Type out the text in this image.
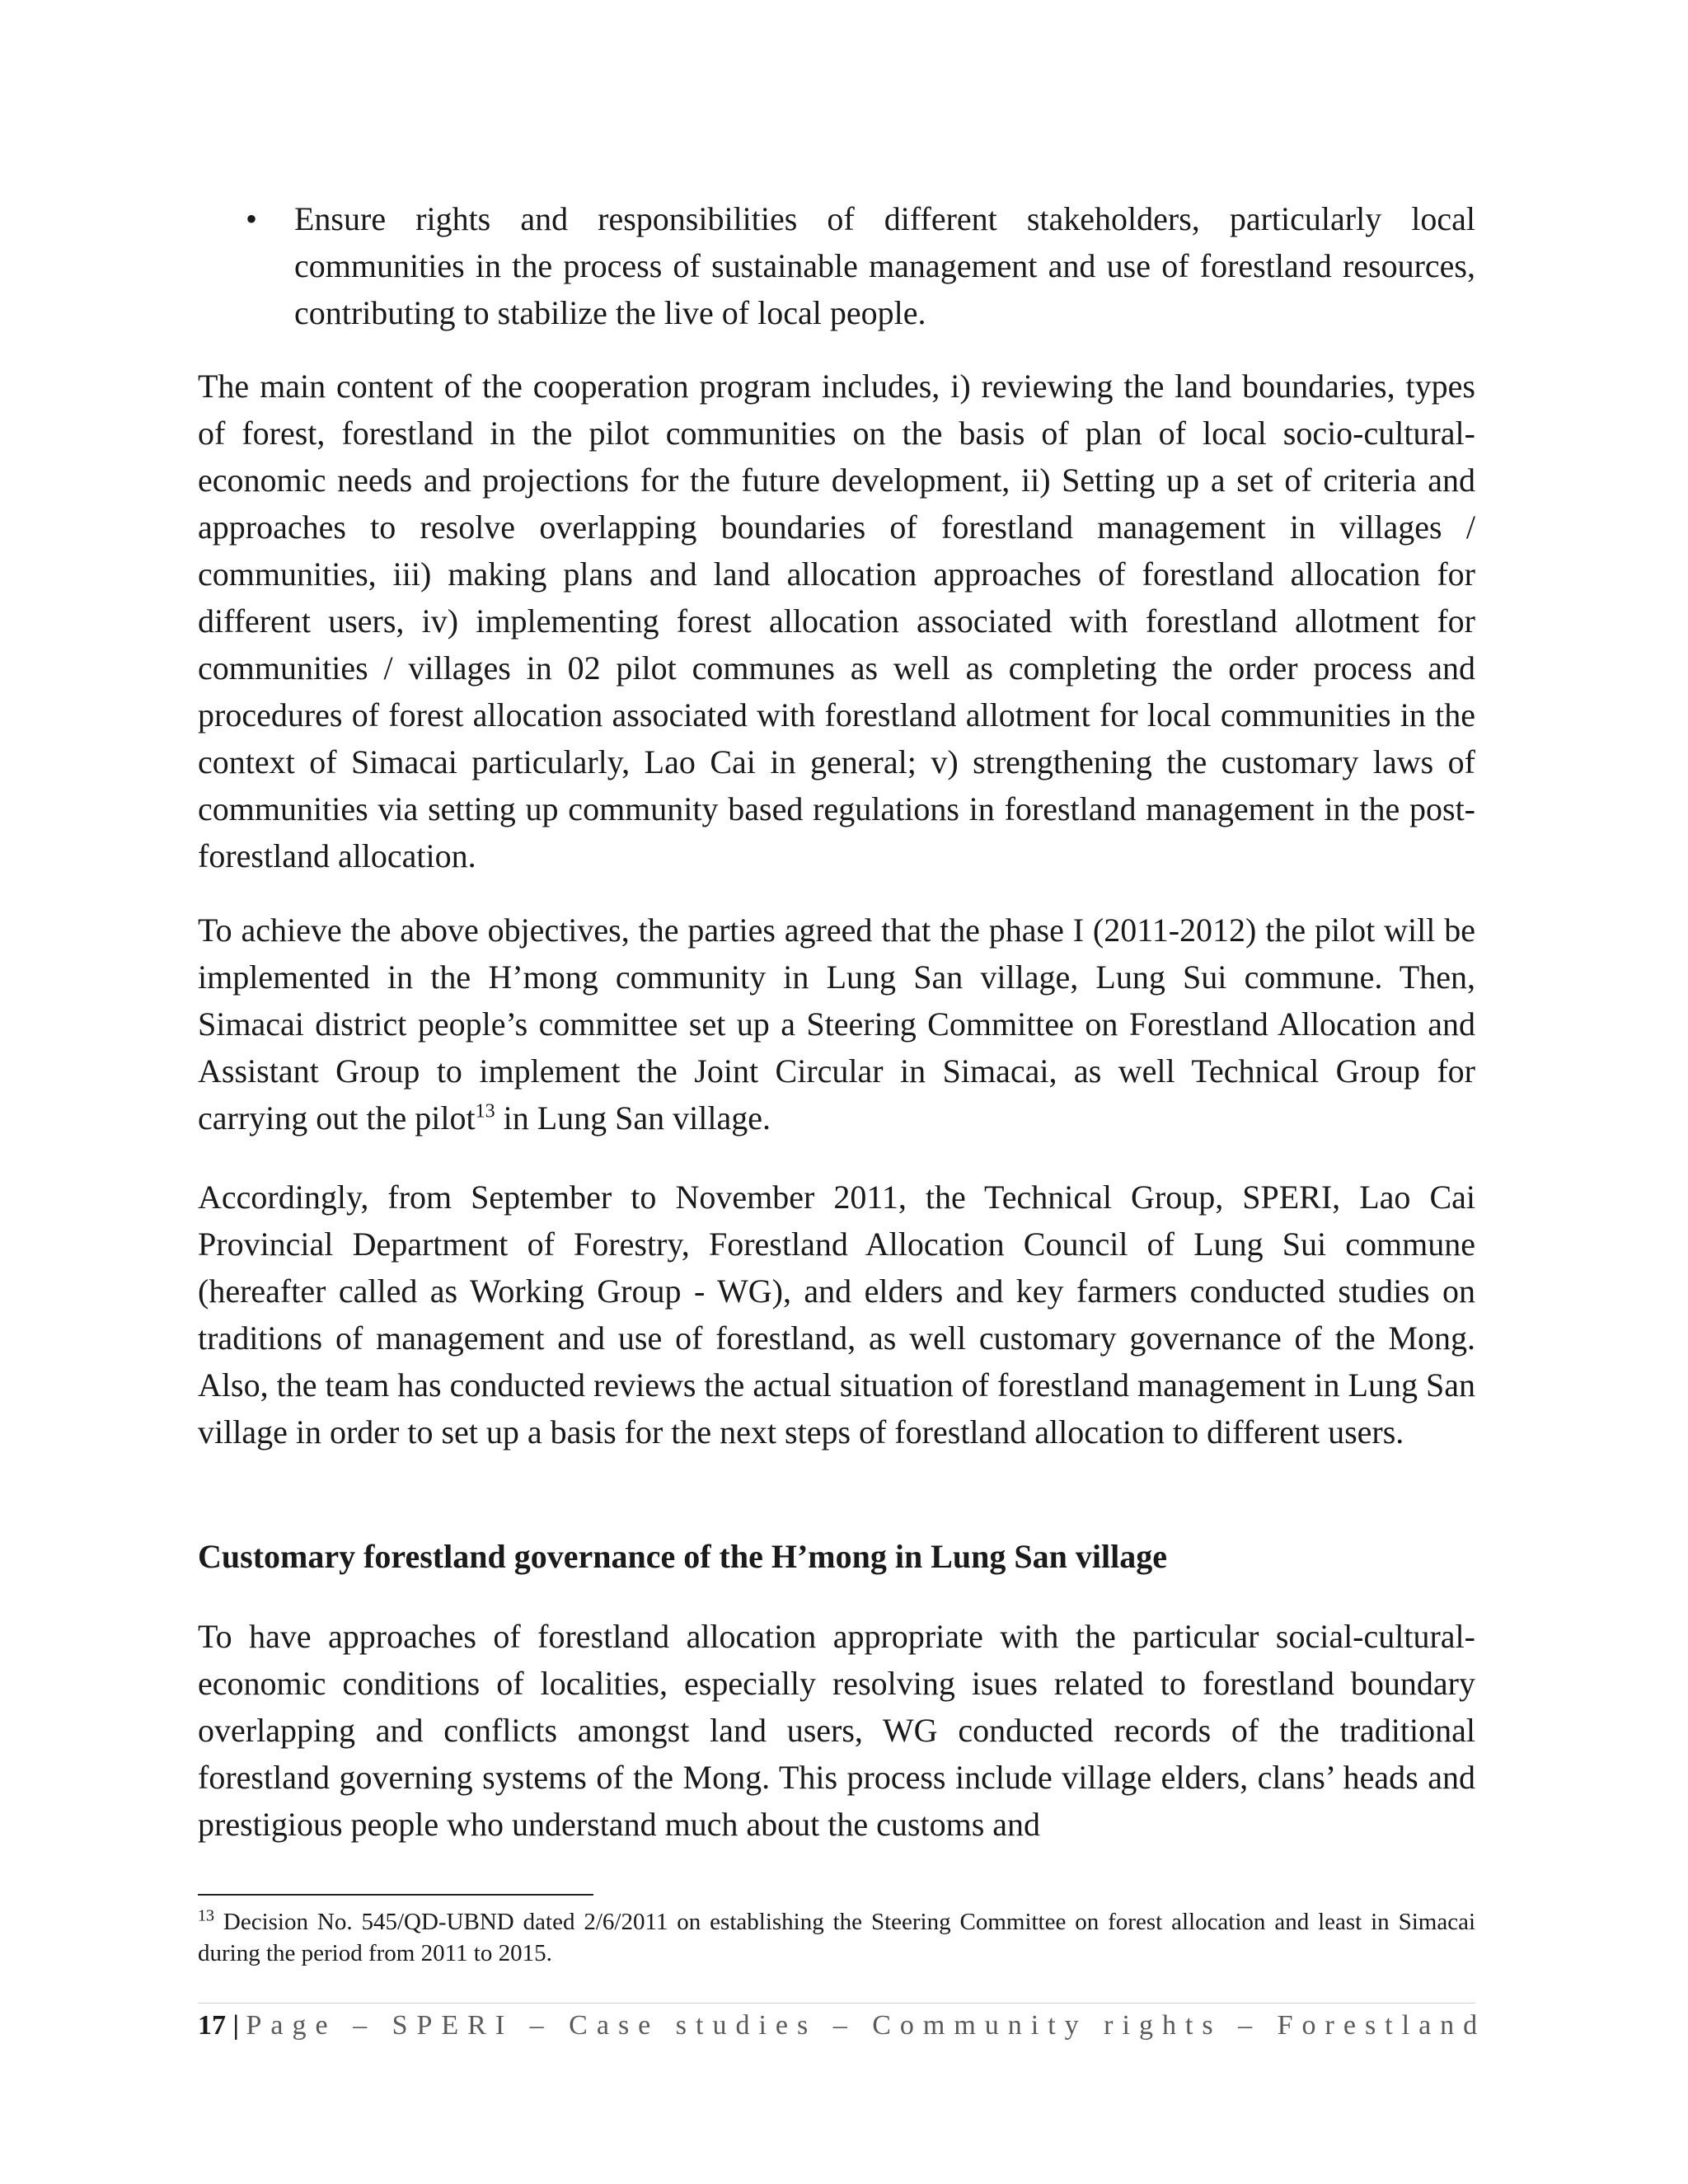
• Ensure rights and responsibilities of different stakeholders, particularly local communities in the process of sustainable management and use of forestland resources, contributing to stabilize the live of local people.

The main content of the cooperation program includes, i) reviewing the land boundaries, types of forest, forestland in the pilot communities on the basis of plan of local socio-cultural-economic needs and projections for the future development, ii) Setting up a set of criteria and approaches to resolve overlapping boundaries of forestland management in villages / communities, iii) making plans and land allocation approaches of forestland allocation for different users, iv) implementing forest allocation associated with forestland allotment for communities / villages in 02 pilot communes as well as completing the order process and procedures of forest allocation associated with forestland allotment for local communities in the context of Simacai particularly, Lao Cai in general; v) strengthening the customary laws of communities via setting up community based regulations in forestland management in the post-forestland allocation.

To achieve the above objectives, the parties agreed that the phase I (2011-2012) the pilot will be implemented in the H’mong community in Lung San village, Lung Sui commune. Then, Simacai district people’s committee set up a Steering Committee on Forestland Allocation and Assistant Group to implement the Joint Circular in Simacai, as well Technical Group for carrying out the pilot$^{13}$ in Lung San village.

Accordingly, from September to November 2011, the Technical Group, SPERI, Lao Cai Provincial Department of Forestry, Forestland Allocation Council of Lung Sui commune (hereafter called as Working Group - WG), and elders and key farmers conducted studies on traditions of management and use of forestland, as well customary governance of the Mong. Also, the team has conducted reviews the actual situation of forestland management in Lung San village in order to set up a basis for the next steps of forestland allocation to different users.

Customary forestland governance of the H’mong in Lung San village

To have approaches of forestland allocation appropriate with the particular social-cultural-economic conditions of localities, especially resolving isues related to forestland boundary overlapping and conflicts amongst land users, WG conducted records of the traditional forestland governing systems of the Mong. This process include village elders, clans’ heads and prestigious people who understand much about the customs and

$^{13}$ Decision No. 545/QD-UBND dated 2/6/2011 on establishing the Steering Committee on forest allocation and least in Simacai during the period from 2011 to 2015.

17 | Page – SPERI – Case studies – Community rights – Forestland
